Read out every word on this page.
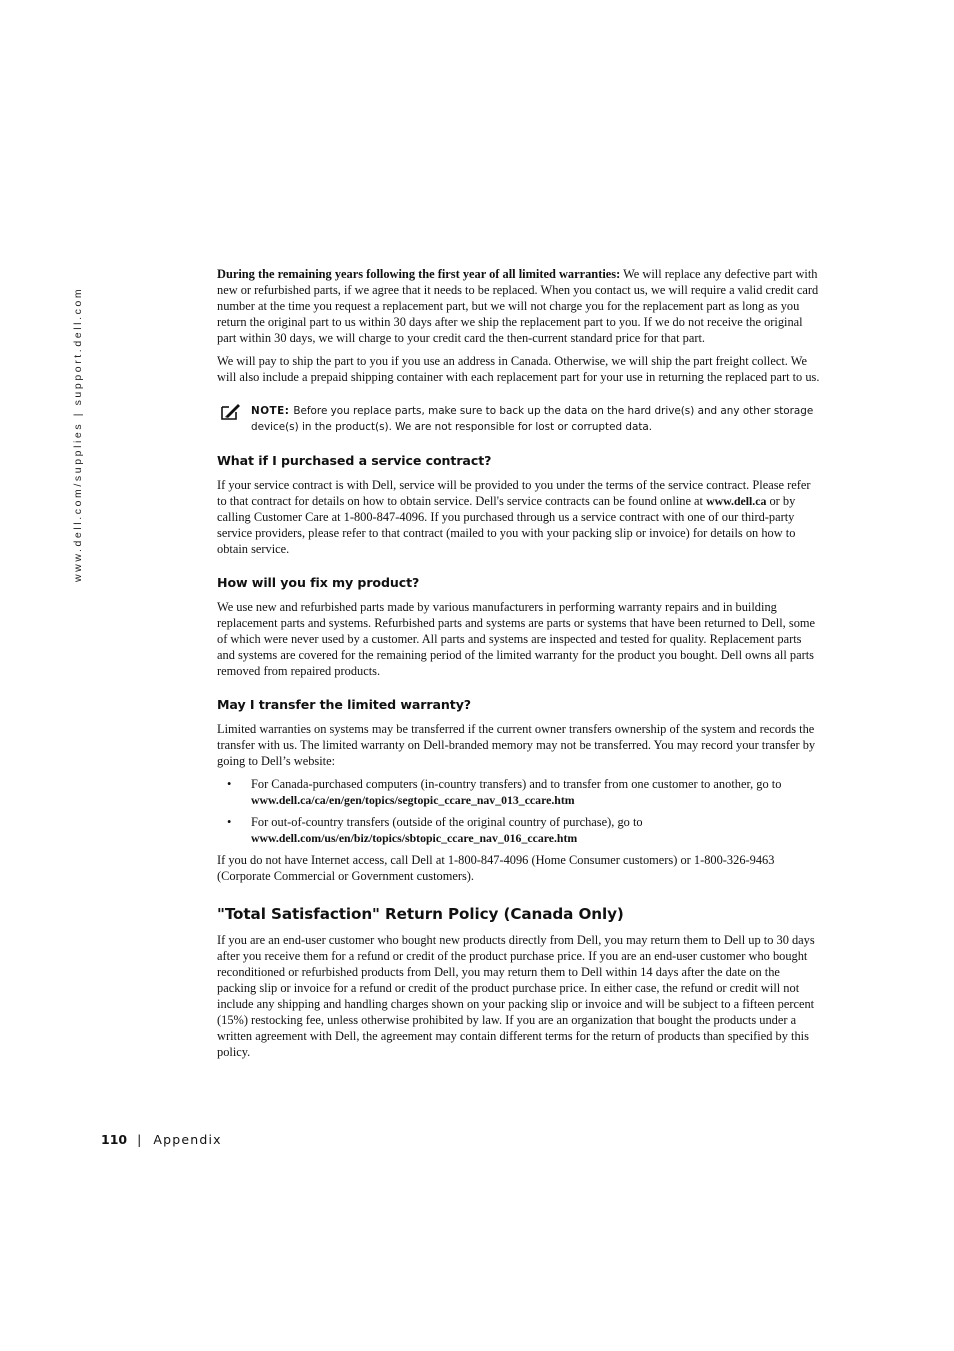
www.dell.com/supplies | support.dell.com

During the remaining years following the first year of all limited warranties: We will replace any defective part with new or refurbished parts, if we agree that it needs to be replaced. When you contact us, we will require a valid credit card number at the time you request a replacement part, but we will not charge you for the replacement part as long as you return the original part to us within 30 days after we ship the replacement part to you. If we do not receive the original part within 30 days, we will charge to your credit card the then-current standard price for that part.

We will pay to ship the part to you if you use an address in Canada. Otherwise, we will ship the part freight collect. We will also include a prepaid shipping container with each replacement part for your use in returning the replaced part to us.

NOTE: Before you replace parts, make sure to back up the data on the hard drive(s) and any other storage device(s) in the product(s). We are not responsible for lost or corrupted data.
What if I purchased a service contract?

If your service contract is with Dell, service will be provided to you under the terms of the service contract. Please refer to that contract for details on how to obtain service. Dell's service contracts can be found online at www.dell.ca or by calling Customer Care at 1-800-847-4096. If you purchased through us a service contract with one of our third-party service providers, please refer to that contract (mailed to you with your packing slip or invoice) for details on how to obtain service.

How will you fix my product?

We use new and refurbished parts made by various manufacturers in performing warranty repairs and in building replacement parts and systems. Refurbished parts and systems are parts or systems that have been returned to Dell, some of which were never used by a customer. All parts and systems are inspected and tested for quality. Replacement parts and systems are covered for the remaining period of the limited warranty for the product you bought. Dell owns all parts removed from repaired products.

May I transfer the limited warranty?

Limited warranties on systems may be transferred if the current owner transfers ownership of the system and records the transfer with us. The limited warranty on Dell-branded memory may not be transferred. You may record your transfer by going to Dell’s website:

• For Canada-purchased computers (in-country transfers) and to transfer from one customer to another, go to
www.dell.ca/ca/en/gen/topics/segtopic_ccare_nav_013_ccare.htm
• For out-of-country transfers (outside of the original country of purchase), go to
www.dell.com/us/en/biz/topics/sbtopic_ccare_nav_016_ccare.htm

If you do not have Internet access, call Dell at 1-800-847-4096 (Home Consumer customers) or 1-800-326-9463 (Corporate Commercial or Government customers).

"Total Satisfaction" Return Policy (Canada Only)

If you are an end-user customer who bought new products directly from Dell, you may return them to Dell up to 30 days after you receive them for a refund or credit of the product purchase price. If you are an end-user customer who bought reconditioned or refurbished products from Dell, you may return them to Dell within 14 days after the date on the packing slip or invoice for a refund or credit of the product purchase price. In either case, the refund or credit will not include any shipping and handling charges shown on your packing slip or invoice and will be subject to a fifteen percent (15%) restocking fee, unless otherwise prohibited by law. If you are an organization that bought the products under a written agreement with Dell, the agreement may contain different terms for the return of products than specified by this policy.

110 | Appendix
